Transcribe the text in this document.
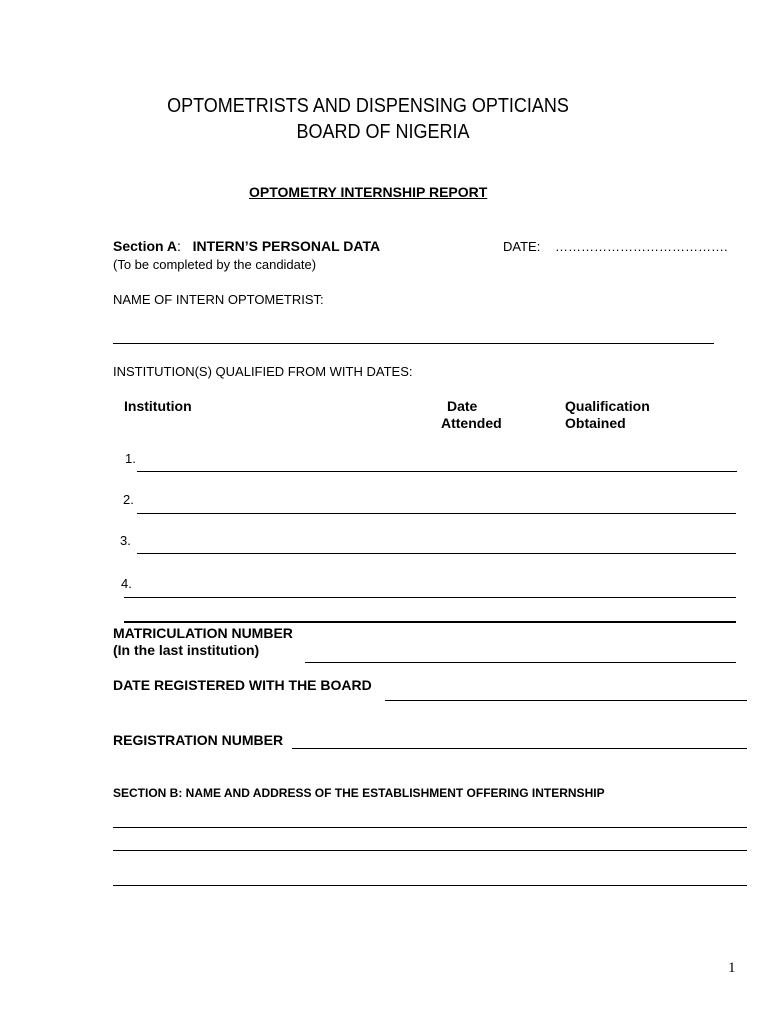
OPTOMETRISTS AND DISPENSING OPTICIANS
BOARD OF NIGERIA
OPTOMETRY INTERNSHIP REPORT
Section A: INTERN’S PERSONAL DATA
(To be completed by the candidate)
DATE: ………………………………….
NAME OF INTERN OPTOMETRIST:
INSTITUTION(S) QUALIFIED FROM WITH DATES:
Institution	Date
Attended
Qualification
Obtained
1.
2.
3.
4.
MATRICULATION NUMBER
(In the last institution)
DATE REGISTERED WITH THE BOARD
REGISTRATION NUMBER
SECTION B: NAME AND ADDRESS OF THE ESTABLISHMENT OFFERING INTERNSHIP
1
